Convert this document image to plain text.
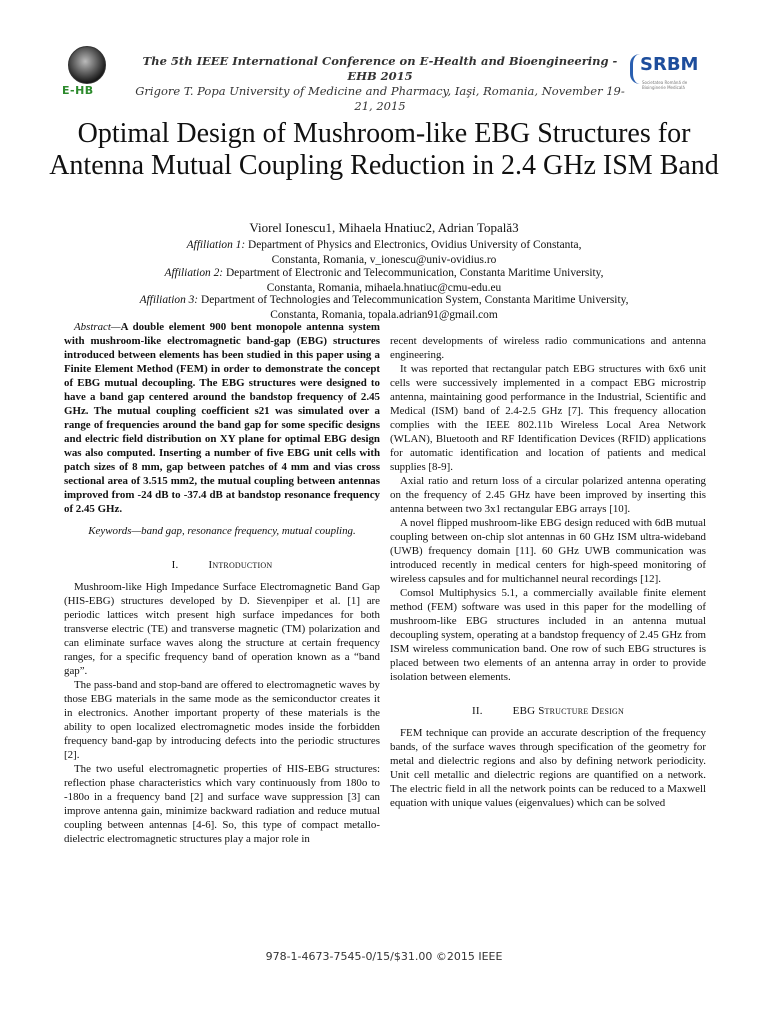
E-HB
The 5th IEEE International Conference on E-Health and Bioengineering - EHB 2015
Grigore T. Popa University of Medicine and Pharmacy, Iaşi, Romania, November 19-21, 2015
SRBM
Societatea Română de Bioinginerie Medicală
Optimal Design of Mushroom-like EBG Structures for Antenna Mutual Coupling Reduction in 2.4 GHz ISM Band
Viorel Ionescu1, Mihaela Hnatiuc2, Adrian Topală3
Affiliation 1: Department of Physics and Electronics, Ovidius University of Constanta,
Constanta, Romania, v_ionescu@univ-ovidius.ro
Affiliation 2: Department of Electronic and Telecommunication, Constanta Maritime University,
Constanta, Romania, mihaela.hnatiuc@cmu-edu.eu
Affiliation 3: Department of Technologies and Telecommunication System, Constanta Maritime University,
Constanta, Romania, topala.adrian91@gmail.com

Abstract—A double element 900 bent monopole antenna system with mushroom-like electromagnetic band-gap (EBG) structures introduced between elements has been studied in this paper using a Finite Element Method (FEM) in order to demonstrate the concept of EBG mutual decoupling. The EBG structures were designed to have a band gap centered around the bandstop frequency of 2.45 GHz. The mutual coupling coefficient s21 was simulated over a range of frequencies around the band gap for some specific designs and electric field distribution on XY plane for optimal EBG design was also computed. Inserting a number of five EBG unit cells with patch sizes of 8 mm, gap between patches of 4 mm and vias cross sectional area of 3.515 mm2, the mutual coupling between antennas improved from -24 dB to -37.4 dB at bandstop resonance frequency of 2.45 GHz.

Keywords—band gap, resonance frequency, mutual coupling.

I.	Introduction

Mushroom-like High Impedance Surface Electromagnetic Band Gap (HIS-EBG) structures developed by D. Sievenpiper et al. [1] are periodic lattices witch present high surface impedances for both transverse electric (TE) and transverse magnetic (TM) polarization and can eliminate surface waves along the structure at certain frequency ranges, for a specific frequency band of operation known as a “band gap”.

The pass-band and stop-band are offered to electromagnetic waves by those EBG materials in the same mode as the semiconductor creates it in electronics. Another important property of these materials is the ability to open localized electromagnetic modes inside the forbidden frequency band-gap by introducing defects into the periodic structures [2].

The two useful electromagnetic properties of HIS-EBG structures: reflection phase characteristics which vary continuously from 180o to -180o in a frequency band [2] and surface wave suppression [3] can improve antenna gain, minimize backward radiation and reduce mutual coupling between antennas [4-6]. So, this type of compact metallo-dielectric electromagnetic structures play a major role in

recent developments of wireless radio communications and antenna engineering.

It was reported that rectangular patch EBG structures with 6x6 unit cells were successively implemented in a compact EBG microstrip antenna, maintaining good performance in the Industrial, Scientific and Medical (ISM) band of 2.4-2.5 GHz [7]. This frequency allocation complies with the IEEE 802.11b Wireless Local Area Network (WLAN), Bluetooth and RF Identification Devices (RFID) applications for automatic identification and location of patients and medical supplies [8-9].

Axial ratio and return loss of a circular polarized antenna operating on the frequency of 2.45 GHz have been improved by inserting this antenna between two 3x1 rectangular EBG arrays [10].

A novel flipped mushroom-like EBG design reduced with 6dB mutual coupling between on-chip slot antennas in 60 GHz ISM ultra-wideband (UWB) frequency domain [11]. 60 GHz UWB communication was introduced recently in medical centers for high-speed monitoring of wireless capsules and for multichannel neural recordings [12].

Comsol Multiphysics 5.1, a commercially available finite element method (FEM) software was used in this paper for the modelling of mushroom-like EBG structures included in an antenna mutual decoupling system, operating at a bandstop frequency of 2.45 GHz from ISM wireless communication band. One row of such EBG structures is placed between two elements of an antenna array in order to provide isolation between elements.

II.	EBG Structure Design

FEM technique can provide an accurate description of the frequency bands, of the surface waves through specification of the geometry for metal and dielectric regions and also by defining network periodicity. Unit cell metallic and dielectric regions are quantified on a network. The electric field in all the network points can be reduced to a Maxwell equation with unique values (eigenvalues) which can be solved

978-1-4673-7545-0/15/$31.00 ©2015 IEEE
